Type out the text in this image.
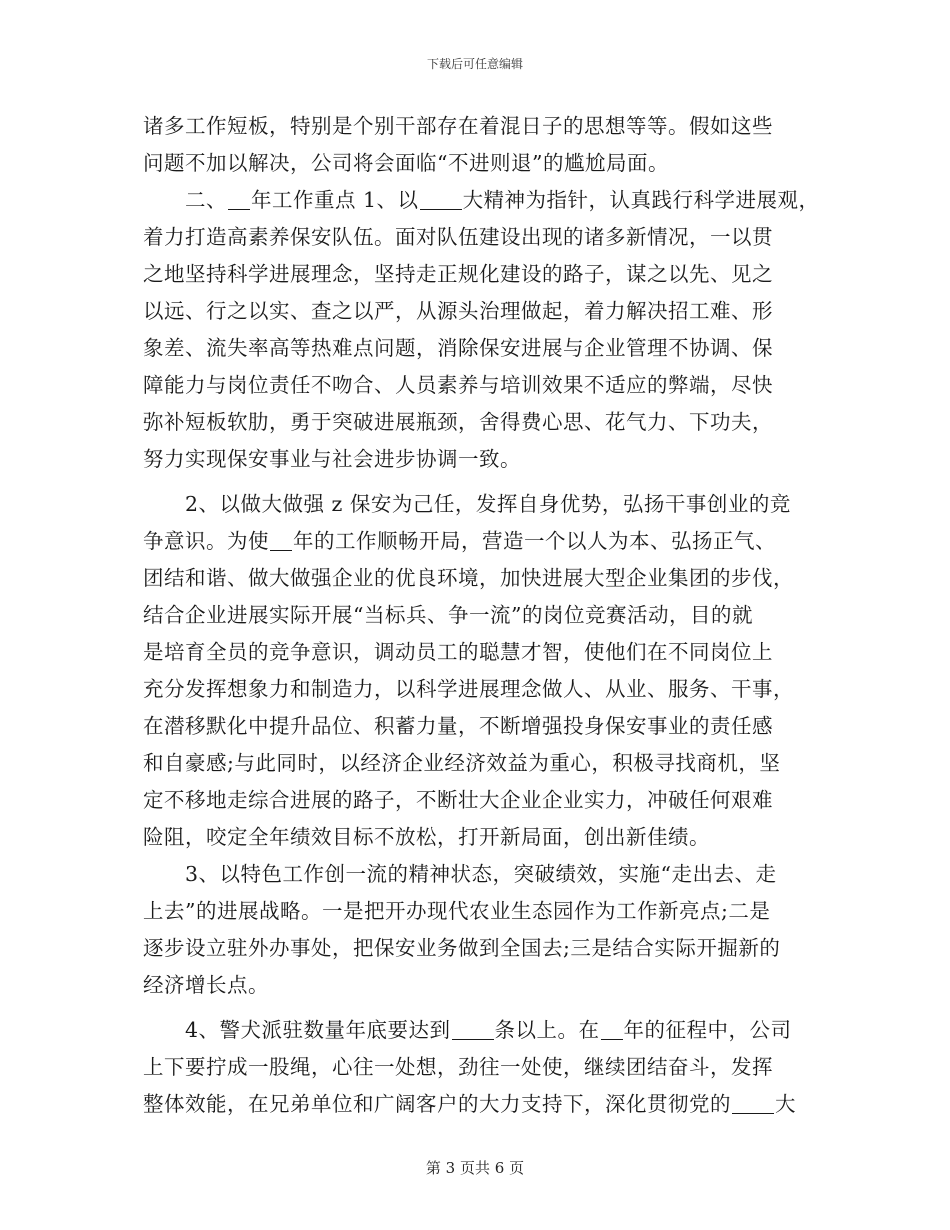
下载后可任意编辑
诸多工作短板，特别是个别干部存在着混日子的思想等等。假如这些
问题不加以解决，公司将会面临“不进则退”的尴尬局面。
二、 年工作重点 1、以 大精神为指针，认真践行科学进展观，
着力打造高素养保安队伍。面对队伍建设出现的诸多新情况，一以贯
之地坚持科学进展理念，坚持走正规化建设的路子，谋之以先、见之
以远、行之以实、查之以严，从源头治理做起，着力解决招工难、形
象差、流失率高等热难点问题，消除保安进展与企业管理不协调、保
障能力与岗位责任不吻合、人员素养与培训效果不适应的弊端，尽快
弥补短板软肋，勇于突破进展瓶颈，舍得费心思、花气力、下功夫，
努力实现保安事业与社会进步协调一致。
2、以做大做强 z 保安为己任，发挥自身优势，弘扬干事创业的竞
争意识。为使 年的工作顺畅开局，营造一个以人为本、弘扬正气、
团结和谐、做大做强企业的优良环境，加快进展大型企业集团的步伐，
结合企业进展实际开展“当标兵、争一流”的岗位竞赛活动，目的就
是培育全员的竞争意识，调动员工的聪慧才智，使他们在不同岗位上
充分发挥想象力和制造力，以科学进展理念做人、从业、服务、干事，
在潜移默化中提升品位、积蓄力量，不断增强投身保安事业的责任感
和自豪感;与此同时，以经济企业经济效益为重心，积极寻找商机，坚
定不移地走综合进展的路子，不断壮大企业企业实力，冲破任何艰难
险阻，咬定全年绩效目标不放松，打开新局面，创出新佳绩。
3、以特色工作创一流的精神状态，突破绩效，实施“走出去、走
上去”的进展战略。一是把开办现代农业生态园作为工作新亮点;二是
逐步设立驻外办事处，把保安业务做到全国去;三是结合实际开掘新的
经济增长点。
4、警犬派驻数量年底要达到 条以上。在 年的征程中，公司
上下要拧成一股绳，心往一处想，劲往一处使，继续团结奋斗，发挥
整体效能，在兄弟单位和广阔客户的大力支持下，深化贯彻党的 大
第 3 页共 6 页
